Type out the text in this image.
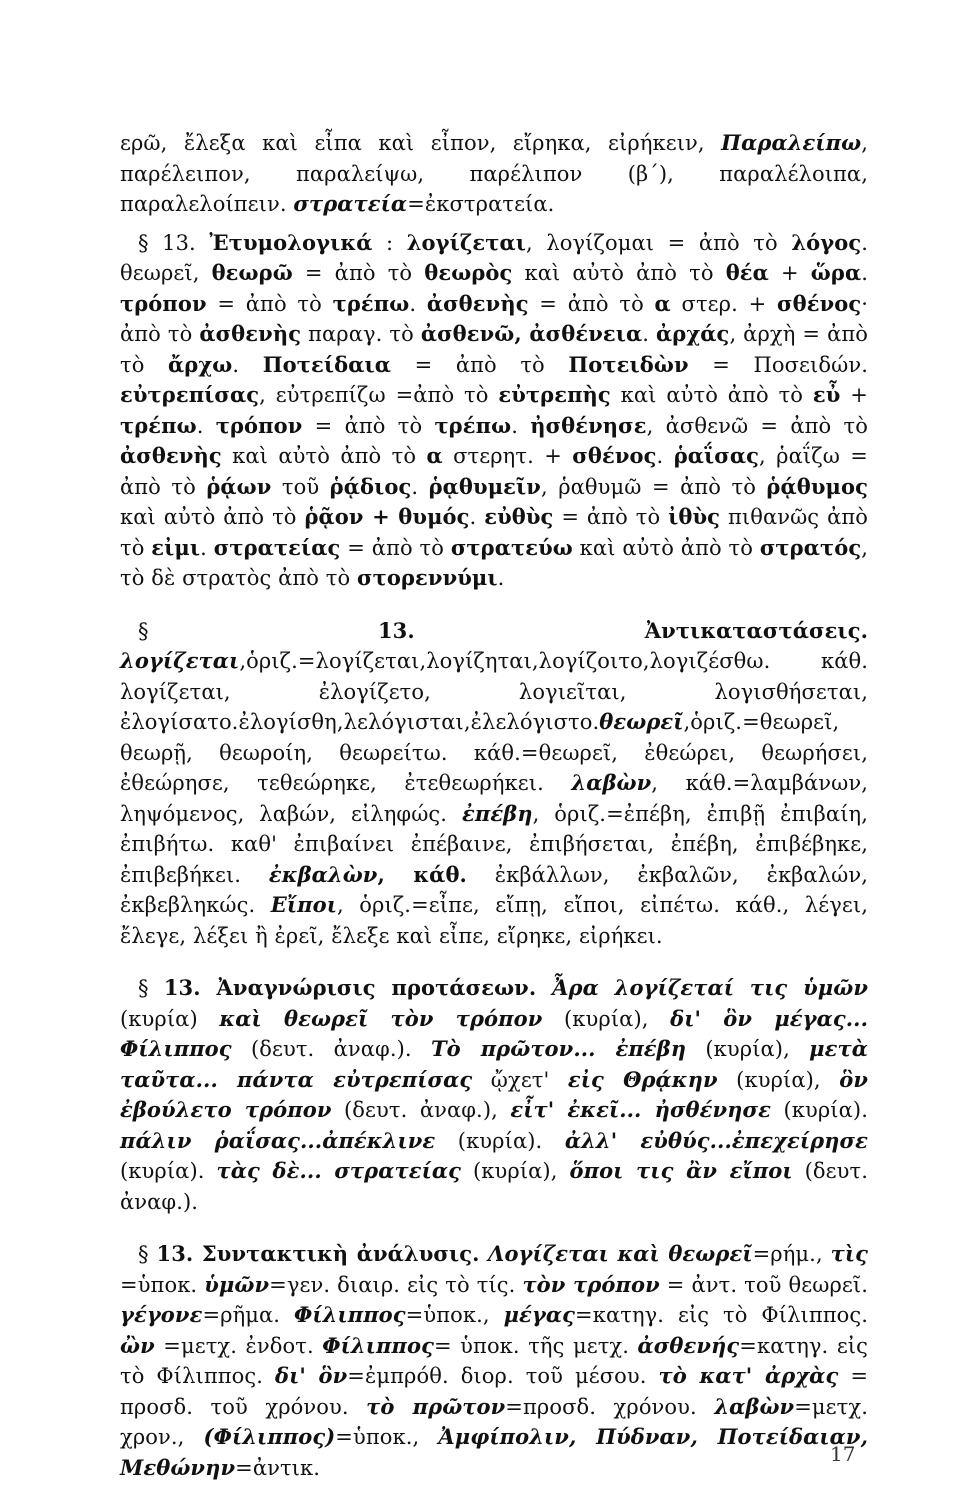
ερῶ, ἔλεξα καὶ εἶπα καὶ εἶπον, εἴρηκα, εἰρήκειν, Παραλείπω, παρέλειπον, παραλείψω, παρέλιπον (β΄), παραλέλοιπα, παραλελοίπειν. στρατεία=ἐκστρατεία.

§ 13. Ἐτυμολογικά : λογίζεται, λογίζομαι = ἀπὸ τὸ λόγος. θεωρεῖ, θεωρῶ = ἀπὸ τὸ θεωρὸς καὶ αὐτὸ ἀπὸ τὸ θέα + ὥρα. τρόπον = ἀπὸ τὸ τρέπω. ἀσθενὴς = ἀπὸ τὸ α στερ. + σθένος· ἀπὸ τὸ ἀσθενὴς παραγ. τὸ ἀσθενῶ, ἀσθένεια. ἀρχάς, ἀρχὴ = ἀπὸ τὸ ἄρχω. Ποτείδαια = ἀπὸ τὸ Ποτειδὼν = Ποσειδών. εὐτρεπίσας, εὐτρεπίζω =ἀπὸ τὸ εὐτρεπὴς καὶ αὐτὸ ἀπὸ τὸ εὖ + τρέπω. τρόπον = ἀπὸ τὸ τρέπω. ἠσθένησε, ἀσθενῶ = ἀπὸ τὸ ἀσθενὴς καὶ αὐτὸ ἀπὸ τὸ α στερητ. + σθένος. ῥαΐσας, ῥαΐζω = ἀπὸ τὸ ῥᾴων τοῦ ῥᾴδιος. ῥᾳθυμεῖν, ῥαθυμῶ = ἀπὸ τὸ ῥᾴθυμος καὶ αὐτὸ ἀπὸ τὸ ῥᾷον + θυμός. εὐθὺς = ἀπὸ τὸ ἰθὺς πιθανῶς ἀπὸ τὸ εἰμι. στρατείας = ἀπὸ τὸ στρατεύω καὶ αὐτὸ ἀπὸ τὸ στρατός, τὸ δὲ στρατὸς ἀπὸ τὸ στορεννύμι.

§ 13. Ἀντικαταστάσεις. λογίζεται,ὁριζ.=λογίζεται,λογίζηται,λογίζοιτο,λογιζέσθω. κάθ. λογίζεται, ἐλογίζετο, λογιεῖται, λογισθήσεται, ἐλογίσατο.ἐλογίσθη,λελόγισται,ἐλελόγιστο.θεωρεῖ,ὁριζ.=θεωρεῖ, θεωρῇ, θεωροίη, θεωρείτω. κάθ.=θεωρεῖ, ἐθεώρει, θεωρήσει, ἐθεώρησε, τεθεώρηκε, ἐτεθεωρήκει. λαβὼν, κάθ.=λαμβάνων, ληψόμενος, λαβών, εἰληφώς. ἐπέβη, ὁριζ.=ἐπέβη, ἐπιβῇ ἐπιβαίη, ἐπιβήτω. καθ' ἐπιβαίνει ἐπέβαινε, ἐπιβήσεται, ἐπέβη, ἐπιβέβηκε, ἐπιβεβήκει. ἐκβαλὼν, κάθ. ἐκβάλλων, ἐκβαλῶν, ἐκβαλών, ἐκβεβληκώς. Εἴποι, ὁριζ.=εἶπε, εἴπῃ, εἴποι, εἰπέτω. κάθ., λέγει, ἔλεγε, λέξει ἢ ἐρεῖ, ἔλεξε καὶ εἶπε, εἴρηκε, εἰρήκει.

§ 13. Ἀναγνώρισις προτάσεων. Ἆρα λογίζεταί τις ὑμῶν (κυρία) καὶ θεωρεῖ τὸν τρόπον (κυρία), δι' ὃν μέγας... Φίλιππος (δευτ. ἀναφ.). Τὸ πρῶτον... ἐπέβη (κυρία), μετὰ ταῦτα... πάντα εὐτρεπίσας ᾤχετ' εἰς Θρᾴκην (κυρία), ὃν ἐβούλετο τρόπον (δευτ. ἀναφ.), εἶτ' ἐκεῖ... ἠσθένησε (κυρία). πάλιν ῥαΐσας...ἀπέκλινε (κυρία). ἀλλ' εὐθύς...ἐπεχείρησε (κυρία). τὰς δὲ... στρατείας (κυρία), ὅποι τις ἂν εἴποι (δευτ. ἀναφ.).

§ 13. Συντακτικὴ ἀνάλυσις. Λογίζεται καὶ θεωρεῖ=ρήμ., τὶς =ὑποκ. ὑμῶν=γεν. διαιρ. εἰς τὸ τίς. τὸν τρόπον = ἀντ. τοῦ θεωρεῖ. γέγονε=ρῆμα. Φίλιππος=ὑποκ., μέγας=κατηγ. εἰς τὸ Φίλιππος. ὢν =μετχ. ἐνδοτ. Φίλιππος= ὑποκ. τῆς μετχ. ἀσθενής=κατηγ. εἰς τὸ Φίλιππος. δι' ὃν=ἐμπρόθ. διορ. τοῦ μέσου. τὸ κατ' ἀρχὰς = προσδ. τοῦ χρόνου. τὸ πρῶτον=προσδ. χρόνου. λαβὼν=μετχ. χρον., (Φίλιππος)=ὑποκ., Ἀμφίπολιν, Πύδναν, Ποτείδαιαν, Μεθώνην=ἀντικ.

17
